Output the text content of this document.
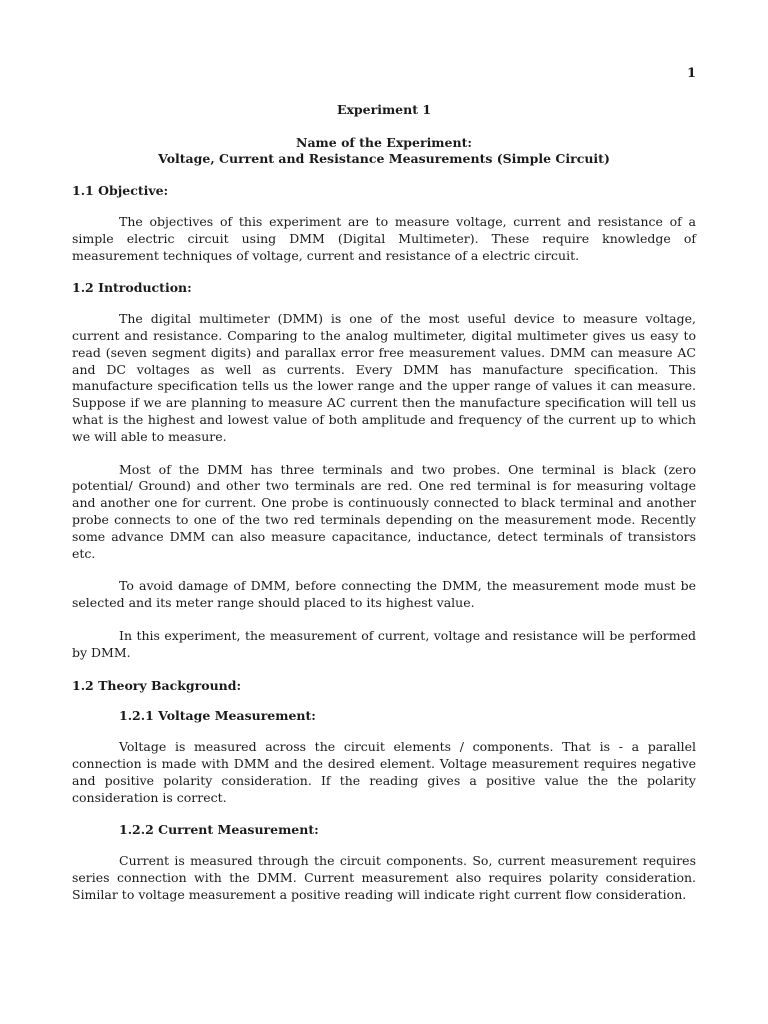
1
Experiment 1
Name of the Experiment:
Voltage, Current and Resistance Measurements (Simple Circuit)
1.1 Objective:

The objectives of this experiment are to measure voltage, current and resistance of a simple electric circuit using DMM (Digital Multimeter). These require knowledge of measurement techniques of voltage, current and resistance of a electric circuit.

1.2 Introduction:

The digital multimeter (DMM) is one of the most useful device to measure voltage, current and resistance. Comparing to the analog multimeter, digital multimeter gives us easy to read (seven segment digits) and parallax error free measurement values. DMM can measure AC and DC voltages as well as currents. Every DMM has manufacture specification. This manufacture specification tells us the lower range and the upper range of values it can measure. Suppose if we are planning to measure AC current then the manufacture specification will tell us what is the highest and lowest value of both amplitude and frequency of the current up to which we will able to measure.

Most of the DMM has three terminals and two probes. One terminal is black (zero potential/ Ground) and other two terminals are red. One red terminal is for measuring voltage and another one for current. One probe is continuously connected to black terminal and another probe connects to one of the two red terminals depending on the measurement mode. Recently some advance DMM can also measure capacitance, inductance, detect terminals of transistors etc.

To avoid damage of DMM, before connecting the DMM, the measurement mode must be selected and its meter range should placed to its highest value.

In this experiment, the measurement of current, voltage and resistance will be performed by DMM.

1.2 Theory Background:
1.2.1 Voltage Measurement:

Voltage is measured across the circuit elements / components. That is - a parallel connection is made with DMM and the desired element. Voltage measurement requires negative and positive polarity consideration. If the reading gives a positive value the the polarity consideration is correct.

1.2.2 Current Measurement:

Current is measured through the circuit components. So, current measurement requires series connection with the DMM. Current measurement also requires polarity consideration. Similar to voltage measurement a positive reading will indicate right current flow consideration.
